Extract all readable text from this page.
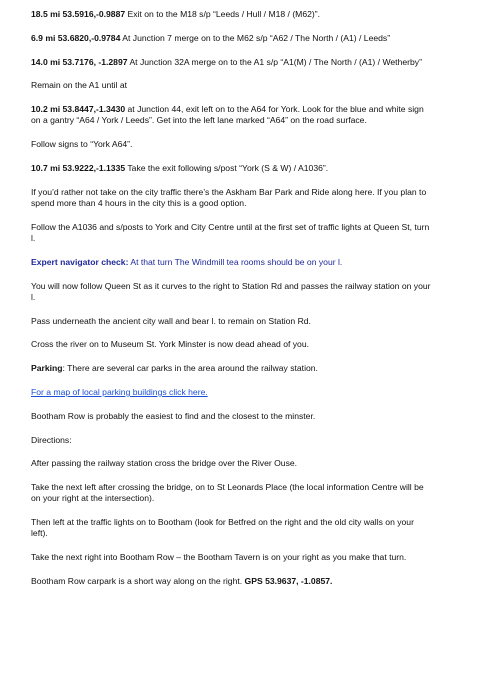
18.5 mi 53.5916,-0.9887 Exit on to the M18 s/p “Leeds / Hull / M18 / (M62)”.

6.9 mi 53.6820,-0.9784 At Junction 7 merge on to the M62 s/p “A62 / The North / (A1) / Leeds”

14.0 mi 53.7176, -1.2897 At Junction 32A merge on to the A1 s/p “A1(M) / The North / (A1) / Wetherby”

Remain on the A1 until at

10.2 mi 53.8447,-1.3430 at Junction 44, exit left on to the A64 for York. Look for the blue and white sign on a gantry “A64 / York / Leeds”. Get into the left lane marked “A64” on the road surface.

Follow signs to “York A64”.

10.7 mi 53.9222,-1.1335 Take the exit following s/post “York (S & W) / A1036”.

If you’d rather not take on the city traffic there’s the Askham Bar Park and Ride along here. If you plan to spend more than 4 hours in the city this is a good option.

Follow the A1036 and s/posts to York and City Centre until at the first set of traffic lights at Queen St, turn l.

Expert navigator check: At that turn The Windmill tea rooms should be on your l.

You will now follow Queen St as it curves to the right to Station Rd and passes the railway station on your l.

Pass underneath the ancient city wall and bear l. to remain on Station Rd.

Cross the river on to Museum St. York Minster is now dead ahead of you.

Parking: There are several car parks in the area around the railway station.

For a map of local parking buildings click here.

Bootham Row is probably the easiest to find and the closest to the minster.

Directions:

After passing the railway station cross the bridge over the River Ouse.

Take the next left after crossing the bridge, on to St Leonards Place (the local information Centre will be on your right at the intersection).

Then left at the traffic lights on to Bootham (look for Betfred on the right and the old city walls on your left).

Take the next right into Bootham Row – the Bootham Tavern is on your right as you make that turn.

Bootham Row carpark is a short way along on the right. GPS 53.9637, -1.0857.
